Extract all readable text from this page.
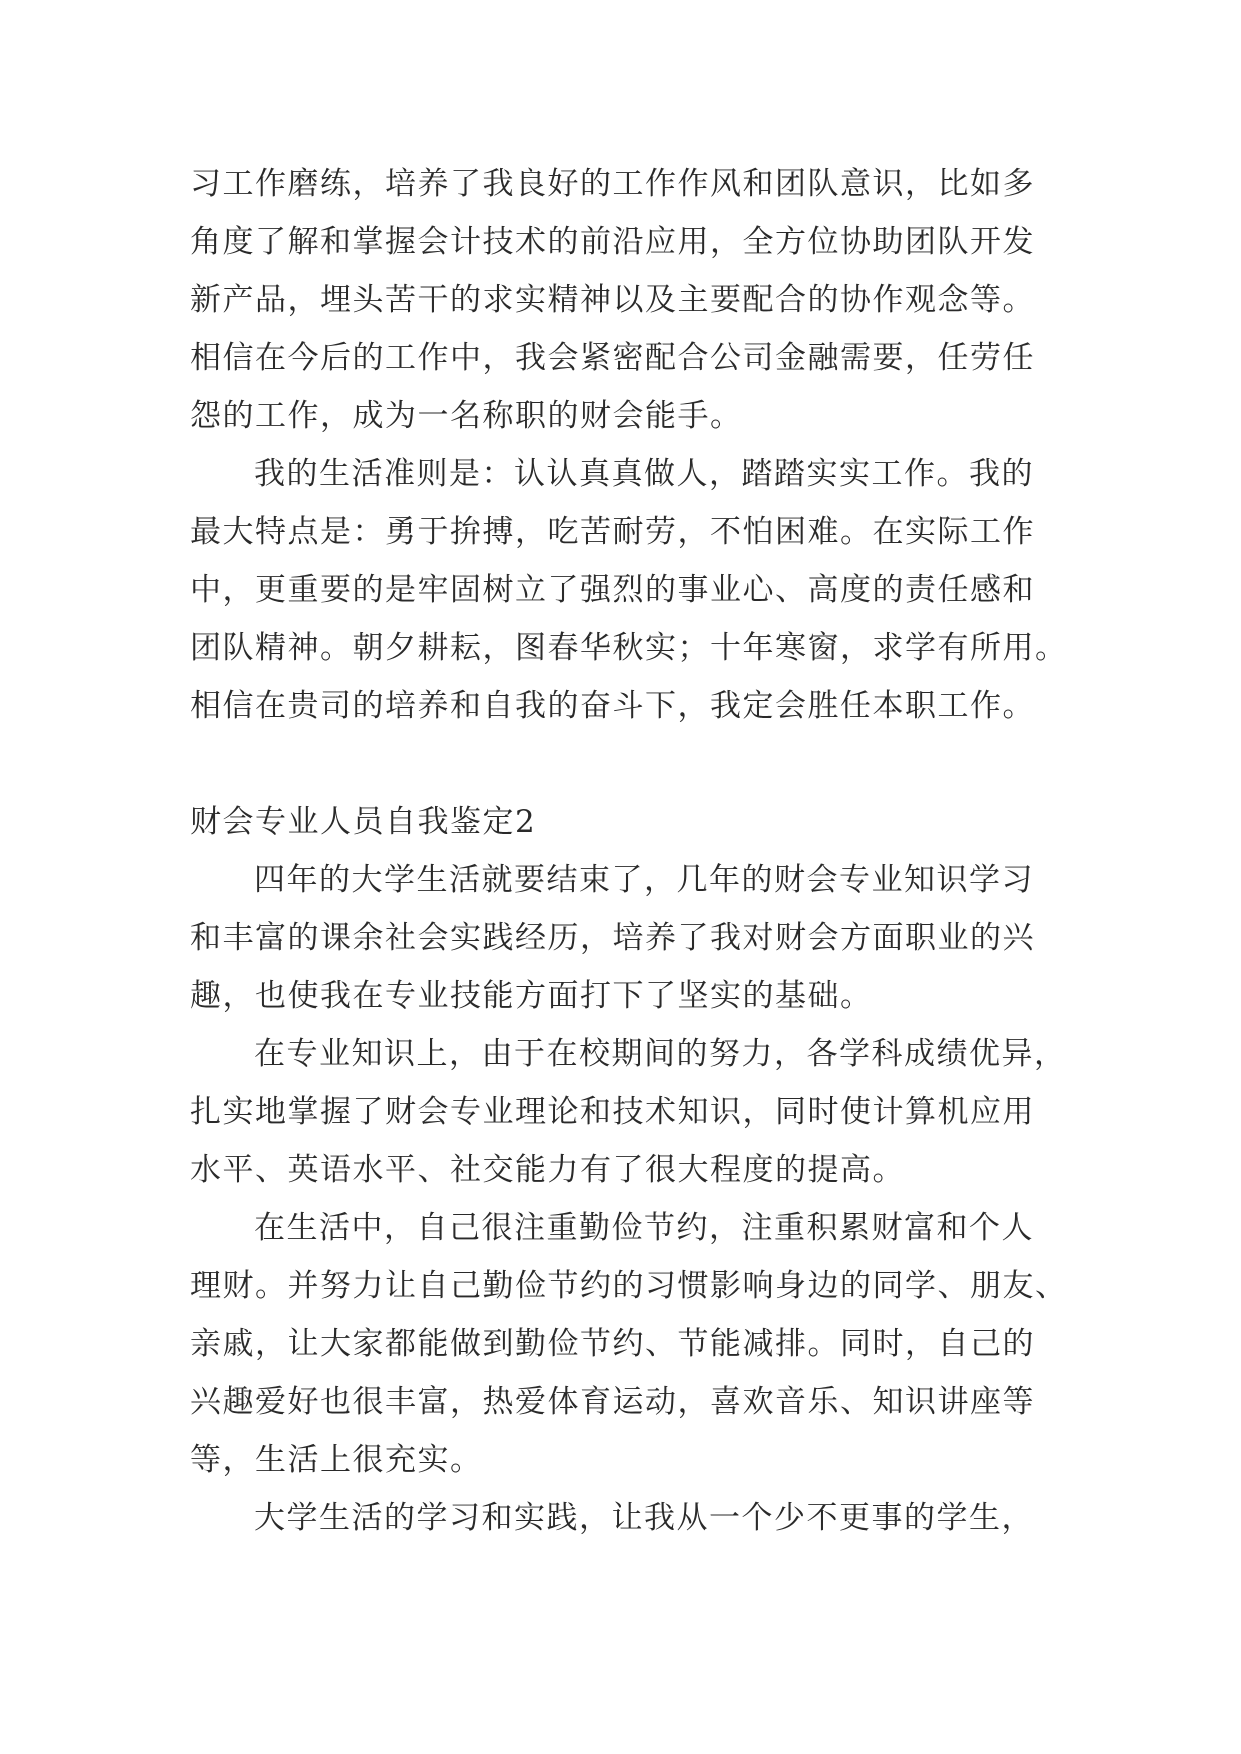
习工作磨练，培养了我良好的工作作风和团队意识，比如多
角度了解和掌握会计技术的前沿应用，全方位协助团队开发
新产品，埋头苦干的求实精神以及主要配合的协作观念等。
相信在今后的工作中，我会紧密配合公司金融需要，任劳任
怨的工作，成为一名称职的财会能手。
我的生活准则是：认认真真做人，踏踏实实工作。我的
最大特点是：勇于拚搏，吃苦耐劳，不怕困难。在实际工作
中，更重要的是牢固树立了强烈的事业心、高度的责任感和
团队精神。朝夕耕耘，图春华秋实；十年寒窗，求学有所用。
相信在贵司的培养和自我的奋斗下，我定会胜任本职工作。
财会专业人员自我鉴定2
四年的大学生活就要结束了，几年的财会专业知识学习
和丰富的课余社会实践经历，培养了我对财会方面职业的兴
趣，也使我在专业技能方面打下了坚实的基础。
在专业知识上，由于在校期间的努力，各学科成绩优异，
扎实地掌握了财会专业理论和技术知识，同时使计算机应用
水平、英语水平、社交能力有了很大程度的提高。
在生活中，自己很注重勤俭节约，注重积累财富和个人
理财。并努力让自己勤俭节约的习惯影响身边的同学、朋友、
亲戚，让大家都能做到勤俭节约、节能减排。同时，自己的
兴趣爱好也很丰富，热爱体育运动，喜欢音乐、知识讲座等
等，生活上很充实。
大学生活的学习和实践，让我从一个少不更事的学生，
